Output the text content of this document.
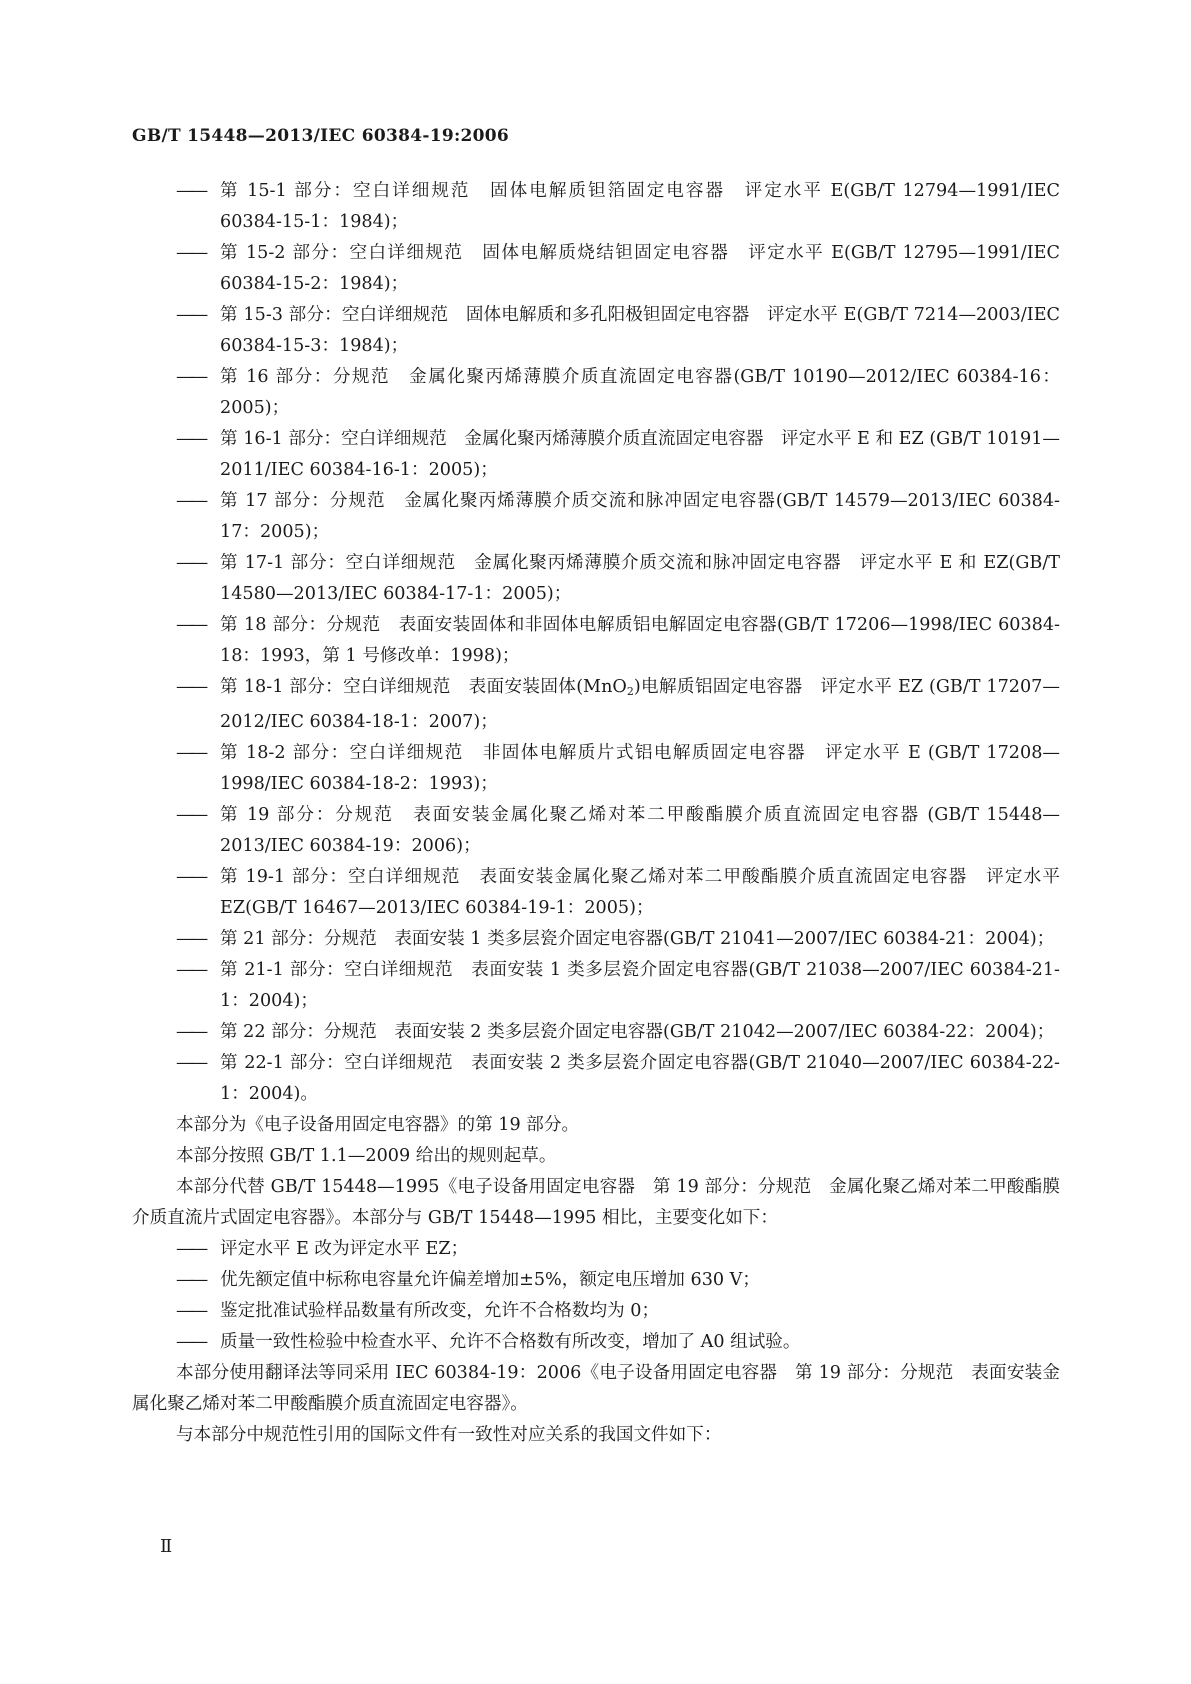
GB/T 15448—2013/IEC 60384-19:2006
—— 第 15-1 部分：空白详细规范　固体电解质钽箔固定电容器　评定水平 E(GB/T 12794—1991/IEC 60384-15-1：1984)；
—— 第 15-2 部分：空白详细规范　固体电解质烧结钽固定电容器　评定水平 E(GB/T 12795—1991/IEC 60384-15-2：1984)；
—— 第 15-3 部分：空白详细规范　固体电解质和多孔阳极钽固定电容器　评定水平 E(GB/T 7214—2003/IEC 60384-15-3：1984)；
—— 第 16 部分：分规范　金属化聚丙烯薄膜介质直流固定电容器(GB/T 10190—2012/IEC 60384-16：2005)；
—— 第 16-1 部分：空白详细规范　金属化聚丙烯薄膜介质直流固定电容器　评定水平 E 和 EZ (GB/T 10191—2011/IEC 60384-16-1：2005)；
—— 第 17 部分：分规范　金属化聚丙烯薄膜介质交流和脉冲固定电容器(GB/T 14579—2013/IEC 60384-17：2005)；
—— 第 17-1 部分：空白详细规范　金属化聚丙烯薄膜介质交流和脉冲固定电容器　评定水平 E 和 EZ(GB/T 14580—2013/IEC 60384-17-1：2005)；
—— 第 18 部分：分规范　表面安装固体和非固体电解质铝电解固定电容器(GB/T 17206—1998/IEC 60384-18：1993，第 1 号修改单：1998)；
—— 第 18-1 部分：空白详细规范　表面安装固体(MnO$_2$)电解质铝固定电容器　评定水平 EZ (GB/T 17207—2012/IEC 60384-18-1：2007)；
—— 第 18-2 部分：空白详细规范　非固体电解质片式铝电解质固定电容器　评定水平 E (GB/T 17208—1998/IEC 60384-18-2：1993)；
—— 第 19 部分：分规范　表面安装金属化聚乙烯对苯二甲酸酯膜介质直流固定电容器 (GB/T 15448—2013/IEC 60384-19：2006)；
—— 第 19-1 部分：空白详细规范　表面安装金属化聚乙烯对苯二甲酸酯膜介质直流固定电容器　评定水平 EZ(GB/T 16467—2013/IEC 60384-19-1：2005)；
—— 第 21 部分：分规范　表面安装 1 类多层瓷介固定电容器(GB/T 21041—2007/IEC 60384-21：2004)；
—— 第 21-1 部分：空白详细规范　表面安装 1 类多层瓷介固定电容器(GB/T 21038—2007/IEC 60384-21-1：2004)；
—— 第 22 部分：分规范　表面安装 2 类多层瓷介固定电容器(GB/T 21042—2007/IEC 60384-22：2004)；
—— 第 22-1 部分：空白详细规范　表面安装 2 类多层瓷介固定电容器(GB/T 21040—2007/IEC 60384-22-1：2004)。
本部分为《电子设备用固定电容器》的第 19 部分。
本部分按照 GB/T 1.1—2009 给出的规则起草。
本部分代替 GB/T 15448—1995《电子设备用固定电容器　第 19 部分：分规范　金属化聚乙烯对苯二甲酸酯膜介质直流片式固定电容器》。本部分与 GB/T 15448—1995 相比，主要变化如下：
—— 评定水平 E 改为评定水平 EZ；
—— 优先额定值中标称电容量允许偏差增加±5%，额定电压增加 630 V；
—— 鉴定批准试验样品数量有所改变，允许不合格数均为 0；
—— 质量一致性检验中检查水平、允许不合格数有所改变，增加了 A0 组试验。
本部分使用翻译法等同采用 IEC 60384-19：2006《电子设备用固定电容器　第 19 部分：分规范　表面安装金属化聚乙烯对苯二甲酸酯膜介质直流固定电容器》。
与本部分中规范性引用的国际文件有一致性对应关系的我国文件如下：
Ⅱ
